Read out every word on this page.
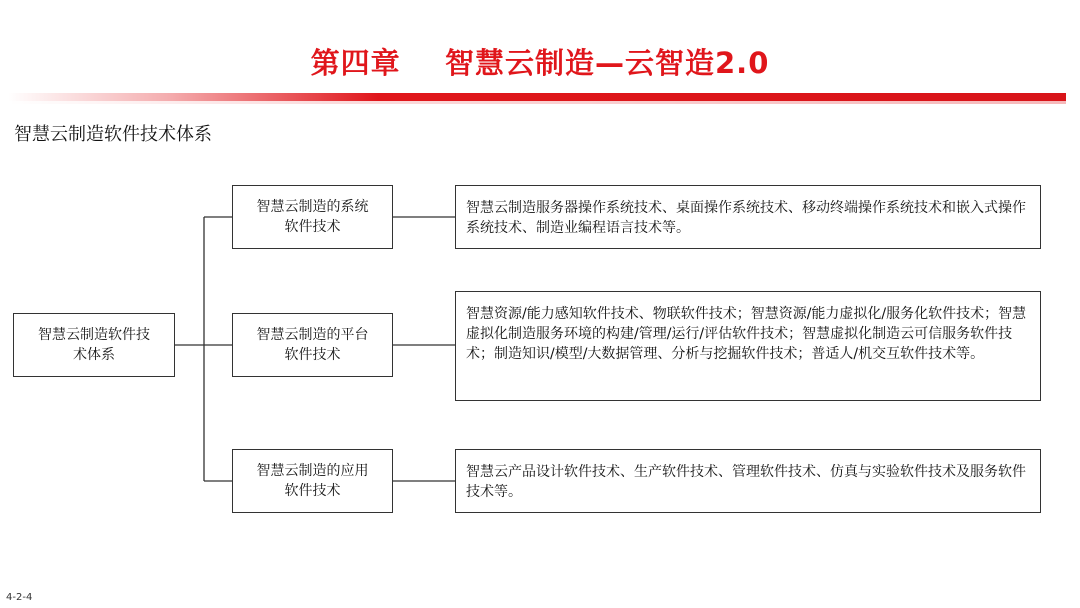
第四章    智慧云制造—云智造2.0
智慧云制造软件技术体系
智慧云制造软件技
术体系
智慧云制造的系统
软件技术
智慧云制造的平台
软件技术
智慧云制造的应用
软件技术
智慧云制造服务器操作系统技术、桌面操作系统技术、移动终端操作系统技术和嵌入式操作系统技术、制造业编程语言技术等。
智慧资源/能力感知软件技术、物联软件技术；智慧资源/能力虚拟化/服务化软件技术；智慧虚拟化制造服务环境的构建/管理/运行/评估软件技术；智慧虚拟化制造云可信服务软件技术；制造知识/模型/大数据管理、分析与挖掘软件技术；普适人/机交互软件技术等。
智慧云产品设计软件技术、生产软件技术、管理软件技术、仿真与实验软件技术及服务软件技术等。
4-2-4
